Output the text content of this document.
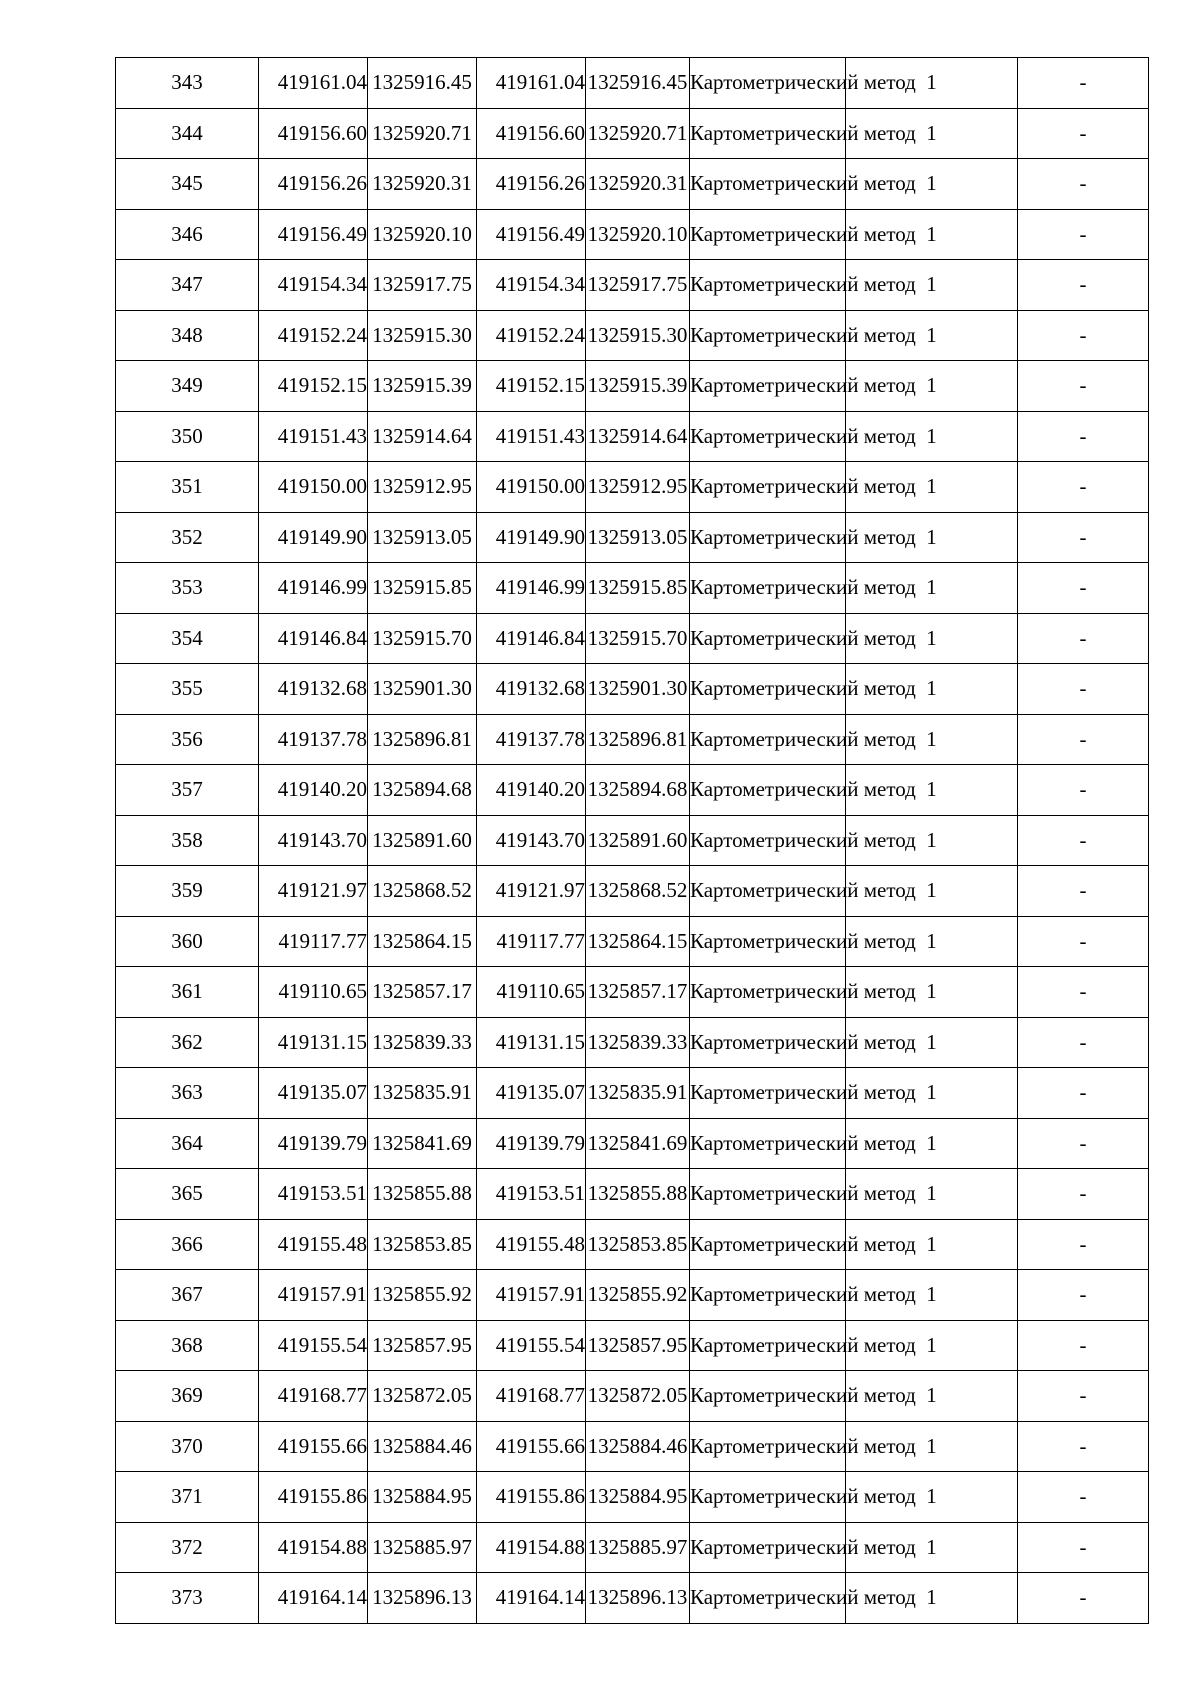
343	419161.04	1325916.45	419161.04	1325916.45	Картометрический метод	1	-
344	419156.60	1325920.71	419156.60	1325920.71	Картометрический метод	1	-
345	419156.26	1325920.31	419156.26	1325920.31	Картометрический метод	1	-
346	419156.49	1325920.10	419156.49	1325920.10	Картометрический метод	1	-
347	419154.34	1325917.75	419154.34	1325917.75	Картометрический метод	1	-
348	419152.24	1325915.30	419152.24	1325915.30	Картометрический метод	1	-
349	419152.15	1325915.39	419152.15	1325915.39	Картометрический метод	1	-
350	419151.43	1325914.64	419151.43	1325914.64	Картометрический метод	1	-
351	419150.00	1325912.95	419150.00	1325912.95	Картометрический метод	1	-
352	419149.90	1325913.05	419149.90	1325913.05	Картометрический метод	1	-
353	419146.99	1325915.85	419146.99	1325915.85	Картометрический метод	1	-
354	419146.84	1325915.70	419146.84	1325915.70	Картометрический метод	1	-
355	419132.68	1325901.30	419132.68	1325901.30	Картометрический метод	1	-
356	419137.78	1325896.81	419137.78	1325896.81	Картометрический метод	1	-
357	419140.20	1325894.68	419140.20	1325894.68	Картометрический метод	1	-
358	419143.70	1325891.60	419143.70	1325891.60	Картометрический метод	1	-
359	419121.97	1325868.52	419121.97	1325868.52	Картометрический метод	1	-
360	419117.77	1325864.15	419117.77	1325864.15	Картометрический метод	1	-
361	419110.65	1325857.17	419110.65	1325857.17	Картометрический метод	1	-
362	419131.15	1325839.33	419131.15	1325839.33	Картометрический метод	1	-
363	419135.07	1325835.91	419135.07	1325835.91	Картометрический метод	1	-
364	419139.79	1325841.69	419139.79	1325841.69	Картометрический метод	1	-
365	419153.51	1325855.88	419153.51	1325855.88	Картометрический метод	1	-
366	419155.48	1325853.85	419155.48	1325853.85	Картометрический метод	1	-
367	419157.91	1325855.92	419157.91	1325855.92	Картометрический метод	1	-
368	419155.54	1325857.95	419155.54	1325857.95	Картометрический метод	1	-
369	419168.77	1325872.05	419168.77	1325872.05	Картометрический метод	1	-
370	419155.66	1325884.46	419155.66	1325884.46	Картометрический метод	1	-
371	419155.86	1325884.95	419155.86	1325884.95	Картометрический метод	1	-
372	419154.88	1325885.97	419154.88	1325885.97	Картометрический метод	1	-
373	419164.14	1325896.13	419164.14	1325896.13	Картометрический метод	1	-
